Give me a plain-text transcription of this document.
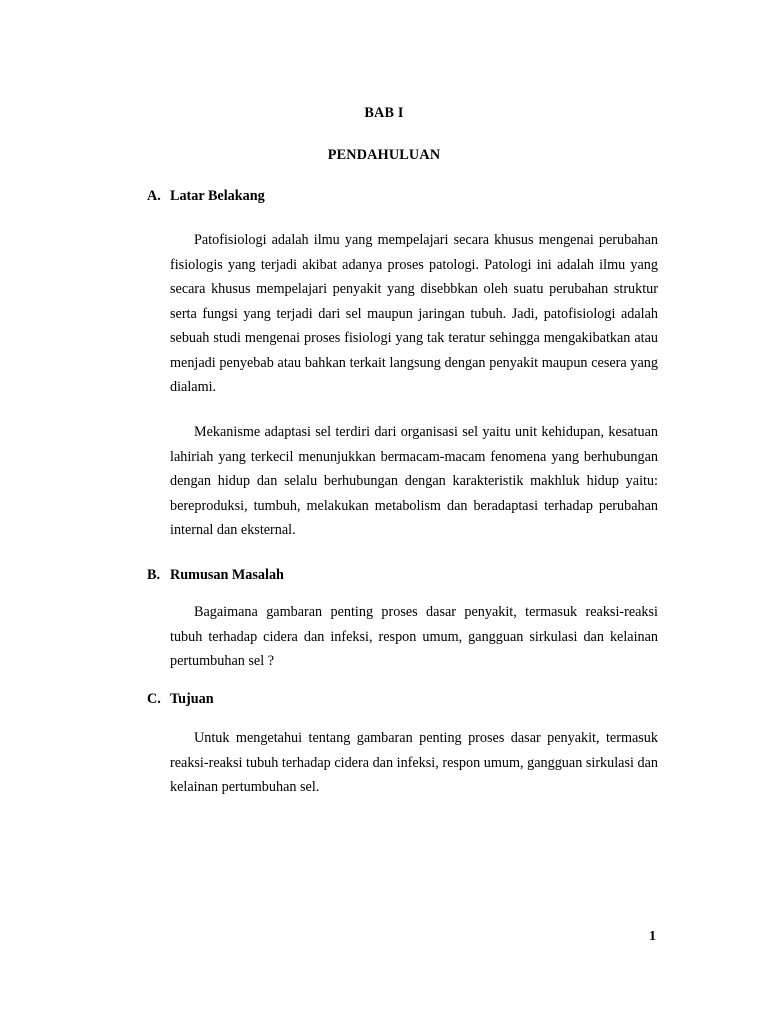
BAB I
PENDAHULUAN
A. Latar Belakang

Patofisiologi adalah ilmu yang mempelajari secara khusus mengenai perubahan fisiologis yang terjadi akibat adanya proses patologi. Patologi ini adalah ilmu yang secara khusus mempelajari penyakit yang disebbkan oleh suatu perubahan struktur serta fungsi yang terjadi dari sel maupun jaringan tubuh. Jadi, patofisiologi adalah sebuah studi mengenai proses fisiologi yang tak teratur sehingga mengakibatkan atau menjadi penyebab atau bahkan terkait langsung dengan penyakit maupun cesera yang dialami.

Mekanisme adaptasi sel terdiri dari organisasi sel yaitu unit kehidupan, kesatuan lahiriah yang terkecil menunjukkan bermacam-macam fenomena yang berhubungan dengan hidup dan selalu berhubungan dengan karakteristik makhluk hidup yaitu: bereproduksi, tumbuh, melakukan metabolism dan beradaptasi terhadap perubahan internal dan eksternal.

B. Rumusan Masalah

Bagaimana gambaran penting proses dasar penyakit, termasuk reaksi-reaksi tubuh terhadap cidera dan infeksi, respon umum, gangguan sirkulasi dan kelainan pertumbuhan sel ?

C. Tujuan

Untuk mengetahui tentang gambaran penting proses dasar penyakit, termasuk reaksi-reaksi tubuh terhadap cidera dan infeksi, respon umum, gangguan sirkulasi dan kelainan pertumbuhan sel.

1
